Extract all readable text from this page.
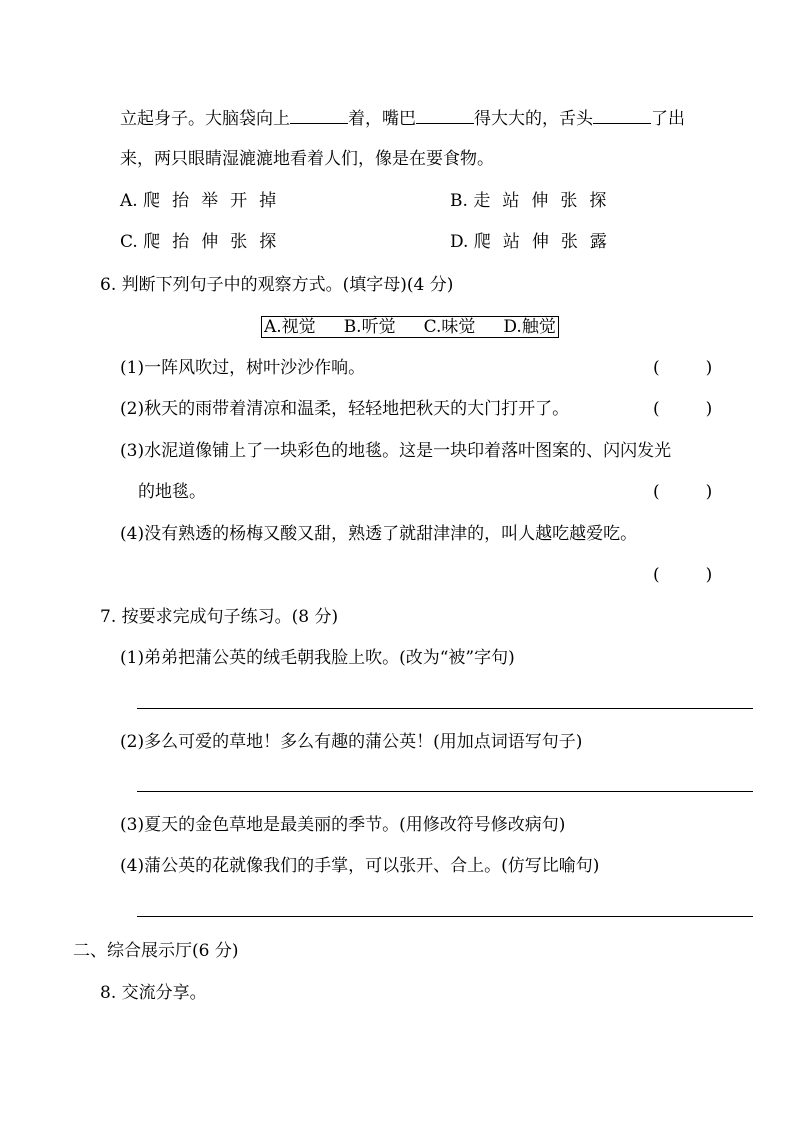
立起身子。大脑袋向上	着，嘴巴	得大大的，舌头	了出
来，两只眼睛湿漉漉地看着人们，像是在要食物。
A. 爬 抬 举 开 掉	B. 走 站 伸 张 探
C. 爬 抬 伸 张 探	D. 爬 站 伸 张 露
6. 判断下列句子中的观察方式。(填字母)(4 分)
A.视觉 B.听觉 C.味觉 D.触觉
(1)一阵风吹过，树叶沙沙作响。	(	)
(2)秋天的雨带着清凉和温柔，轻轻地把秋天的大门打开了。	(	)
(3)水泥道像铺上了一块彩色的地毯。这是一块印着落叶图案的、闪闪发光
的地毯。	(	)
(4)没有熟透的杨梅又酸又甜，熟透了就甜津津的，叫人越吃越爱吃。
(	)
7. 按要求完成句子练习。(8 分)
(1)弟弟把蒲公英的绒毛朝我脸上吹。(改为“被”字句)
(2)多么可爱的草地！多么有趣的蒲公英！(用加点词语写句子)
(3)夏天的金色草地是最美丽的季节。(用修改符号修改病句)
(4)蒲公英的花就像我们的手掌，可以张开、合上。(仿写比喻句)
二、综合展示厅(6 分)
8. 交流分享。
